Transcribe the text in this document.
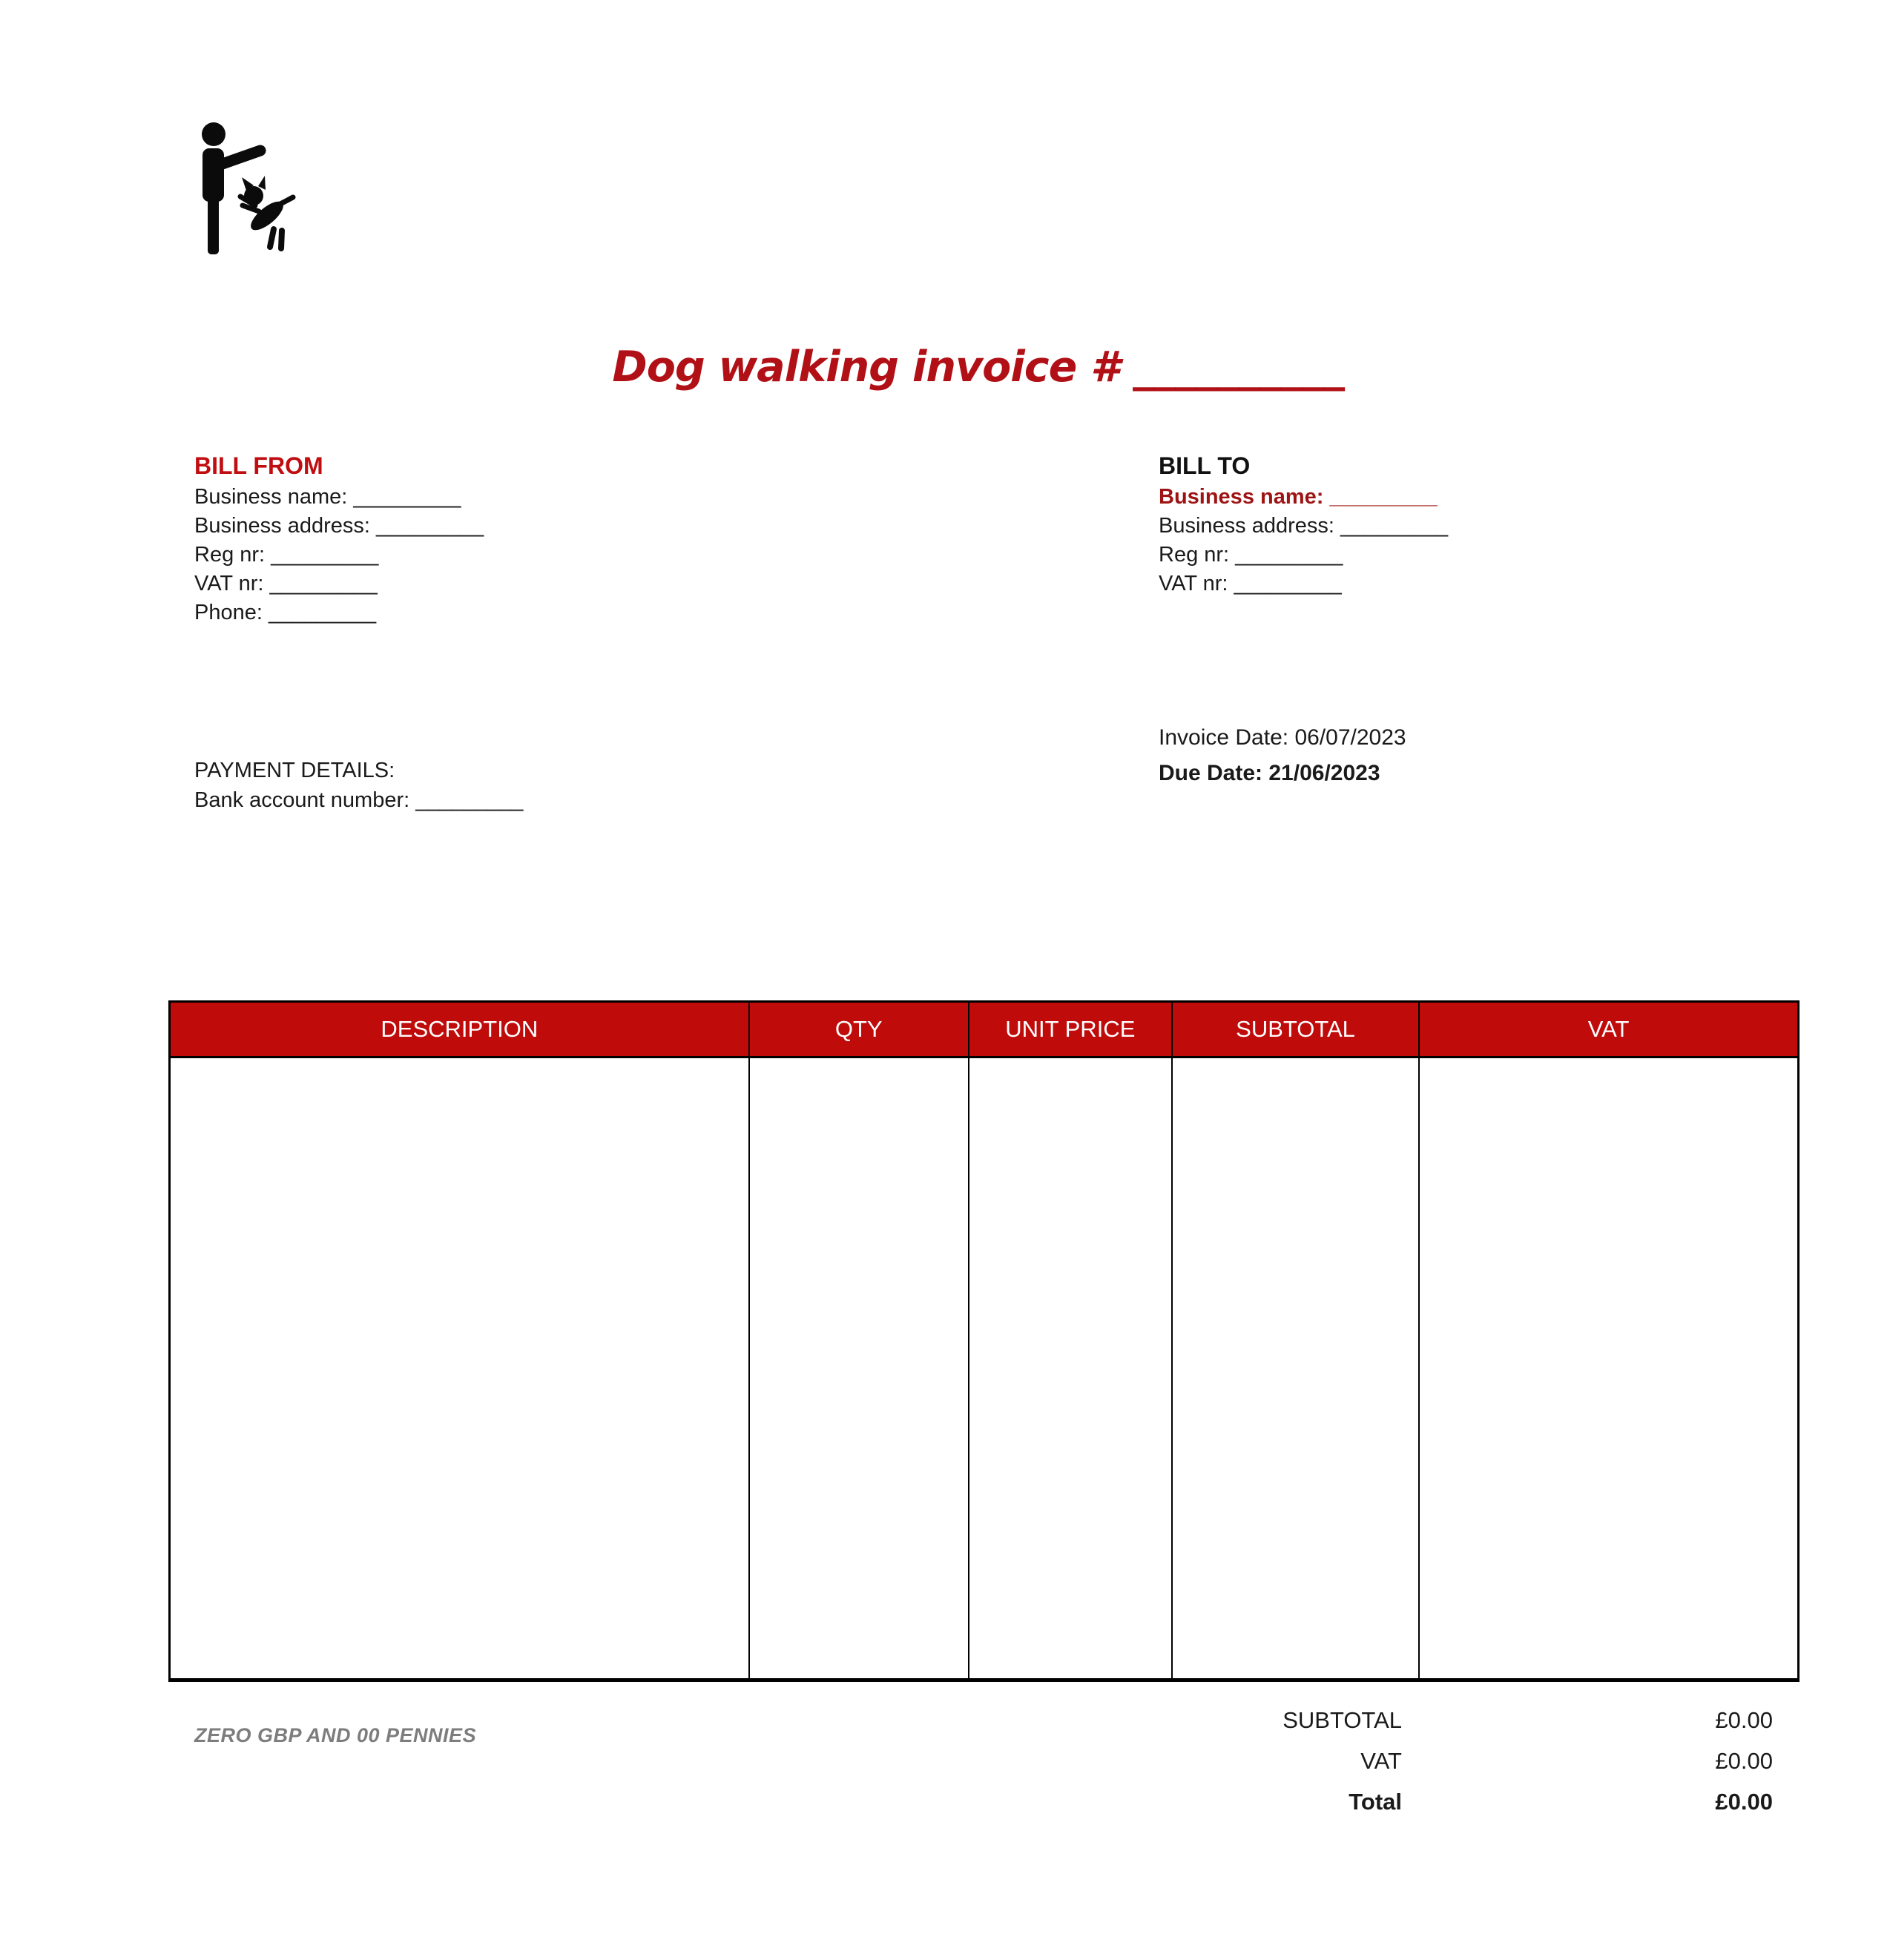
Dog walking invoice # __________
BILL FROM
Business name: _________
Business address: _________
Reg nr: _________
VAT nr: _________
Phone: _________
BILL TO
Business name: _________
Business address: _________
Reg nr: _________
VAT nr: _________
Invoice Date: 06/07/2023
Due Date: 21/06/2023
PAYMENT DETAILS:
Bank account number: _________
DESCRIPTION	QTY	UNIT PRICE	SUBTOTAL	VAT
SUBTOTAL	£0.00
VAT	£0.00
Total	£0.00
ZERO GBP AND 00 PENNIES
